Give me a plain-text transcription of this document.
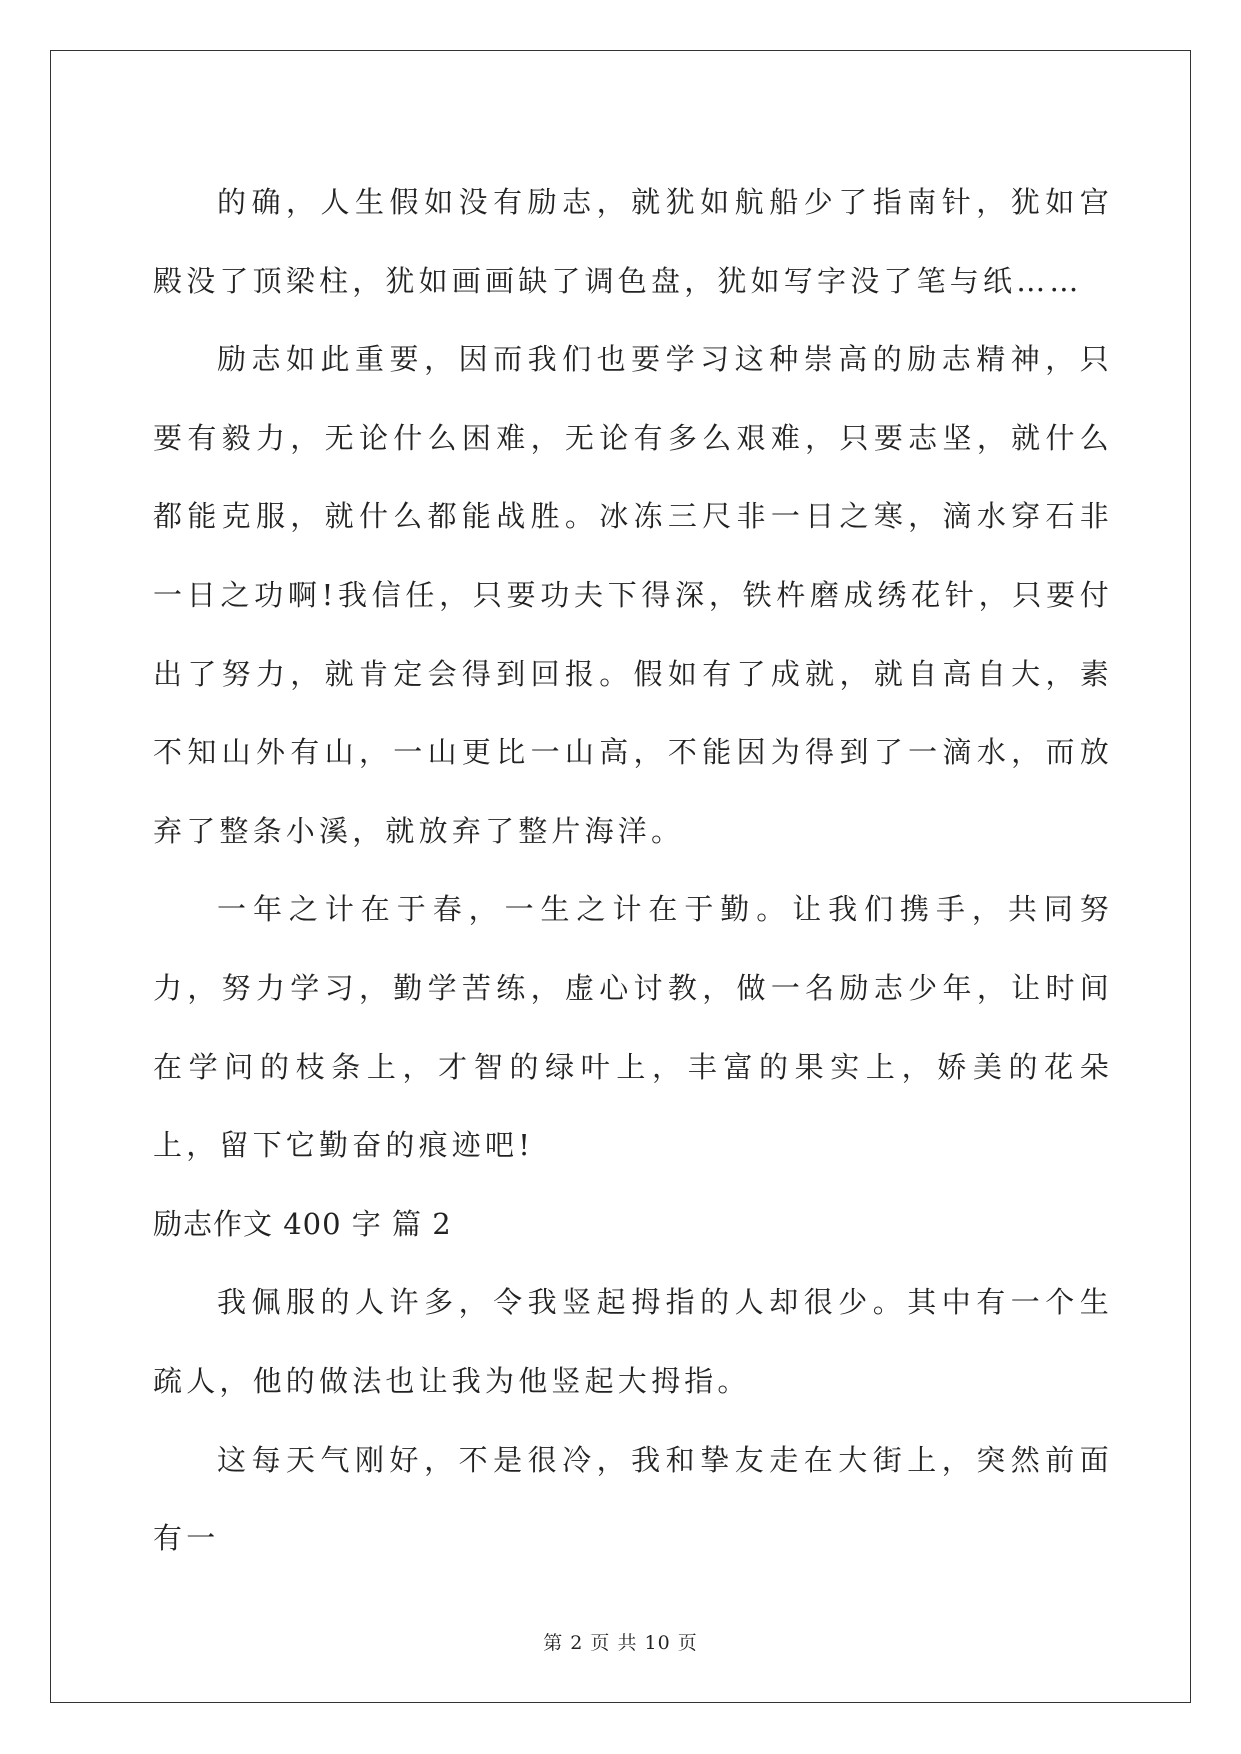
的确，人生假如没有励志，就犹如航船少了指南针，犹如宫殿没了顶梁柱，犹如画画缺了调色盘，犹如写字没了笔与纸……

励志如此重要，因而我们也要学习这种崇高的励志精神，只要有毅力，无论什么困难，无论有多么艰难，只要志坚，就什么都能克服，就什么都能战胜。冰冻三尺非一日之寒，滴水穿石非一日之功啊!我信任，只要功夫下得深，铁杵磨成绣花针，只要付出了努力，就肯定会得到回报。假如有了成就，就自高自大，素不知山外有山，一山更比一山高，不能因为得到了一滴水，而放弃了整条小溪，就放弃了整片海洋。

一年之计在于春，一生之计在于勤。让我们携手，共同努力，努力学习，勤学苦练，虚心讨教，做一名励志少年，让时间在学问的枝条上，才智的绿叶上，丰富的果实上，娇美的花朵上，留下它勤奋的痕迹吧!

励志作文 400 字 篇 2

我佩服的人许多，令我竖起拇指的人却很少。其中有一个生疏人，他的做法也让我为他竖起大拇指。

这每天气刚好，不是很冷，我和挚友走在大街上，突然前面有一

第 2 页 共 10 页
